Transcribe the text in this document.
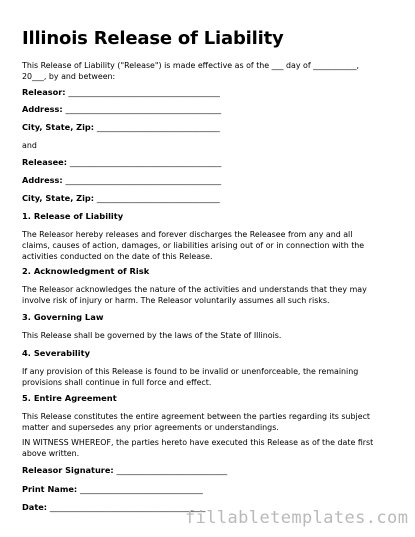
Illinois Release of Liability
This Release of Liability ("Release") is made effective as of the ___ day of ___________,
20___, by and between:
Releasor: _____________________________________
Address: ______________________________________
City, State, Zip: ______________________________
and
Releasee: _____________________________________
Address: ______________________________________
City, State, Zip: ______________________________
1. Release of Liability
The Releasor hereby releases and forever discharges the Releasee from any and all
claims, causes of action, damages, or liabilities arising out of or in connection with the
activities conducted on the date of this Release.
2. Acknowledgment of Risk
The Releasor acknowledges the nature of the activities and understands that they may
involve risk of injury or harm. The Releasor voluntarily assumes all such risks.
3. Governing Law
This Release shall be governed by the laws of the State of Illinois.
4. Severability
If any provision of this Release is found to be invalid or unenforceable, the remaining
provisions shall continue in full force and effect.
5. Entire Agreement
This Release constitutes the entire agreement between the parties regarding its subject
matter and supersedes any prior agreements or understandings.
IN WITNESS WHEREOF, the parties hereto have executed this Release as of the date first
above written.
Releasor Signature: ___________________________
Print Name: ______________________________
Date: ______________________________________
fillabletemplates.com
